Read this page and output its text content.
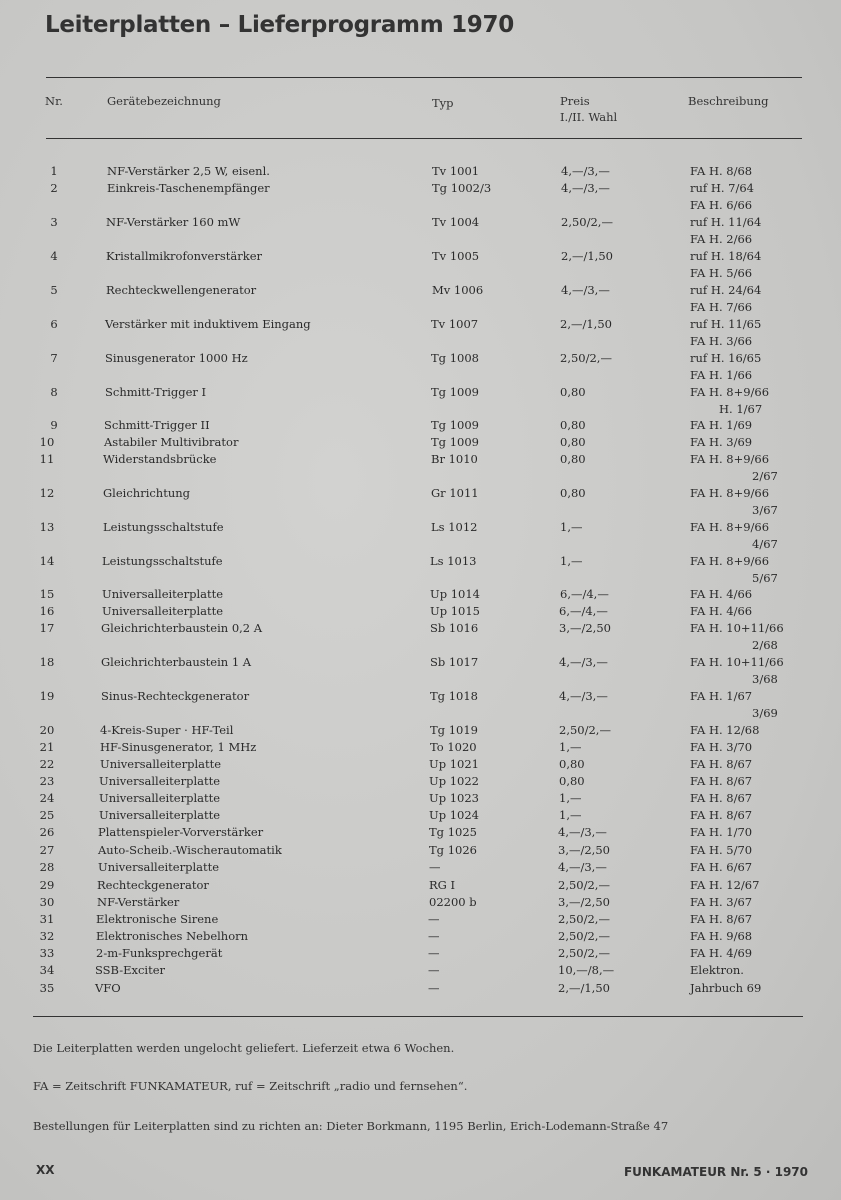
Leiterplatten – Lieferprogramm 1970
Nr.	Gerätebezeichnung	Typ	Preis
I./II. Wahl
Beschreibung
1	NF-Verstärker 2,5 W, eisenl.	Tv 1001	4,—/3,—	FA H. 8/68
2	Einkreis-Taschenempfänger	Tg 1002/3	4,—/3,—	ruf H. 7/64
FA H. 6/66
3	NF-Verstärker 160 mW	Tv 1004	2,50/2,—	ruf H. 11/64
FA H. 2/66
4	Kristallmikrofonverstärker	Tv 1005	2,—/1,50	ruf H. 18/64
FA H. 5/66
5	Rechteckwellengenerator	Mv 1006	4,—/3,—	ruf H. 24/64
FA H. 7/66
6	Verstärker mit induktivem Eingang	Tv 1007	2,—/1,50	ruf H. 11/65
FA H. 3/66
7	Sinusgenerator 1000 Hz	Tg 1008	2,50/2,—	ruf H. 16/65
FA H. 1/66
8	Schmitt-Trigger I	Tg 1009	0,80	FA H. 8+9/66
H. 1/67
9	Schmitt-Trigger II	Tg 1009	0,80	FA H. 1/69
10	Astabiler Multivibrator	Tg 1009	0,80	FA H. 3/69
11	Widerstandsbrücke	Br 1010	0,80	FA H. 8+9/66
2/67
12	Gleichrichtung	Gr 1011	0,80	FA H. 8+9/66
3/67
13	Leistungsschaltstufe	Ls 1012	1,—	FA H. 8+9/66
4/67
14	Leistungsschaltstufe	Ls 1013	1,—	FA H. 8+9/66
5/67
15	Universalleiterplatte	Up 1014	6,—/4,—	FA H. 4/66
16	Universalleiterplatte	Up 1015	6,—/4,—	FA H. 4/66
17	Gleichrichterbaustein 0,2 A	Sb 1016	3,—/2,50	FA H. 10+11/66
2/68
18	Gleichrichterbaustein 1 A	Sb 1017	4,—/3,—	FA H. 10+11/66
3/68
19	Sinus-Rechteckgenerator	Tg 1018	4,—/3,—	FA H. 1/67
3/69
20	4-Kreis-Super · HF-Teil	Tg 1019	2,50/2,—	FA H. 12/68
21	HF-Sinusgenerator, 1 MHz	To 1020	1,—	FA H. 3/70
22	Universalleiterplatte	Up 1021	0,80	FA H. 8/67
23	Universalleiterplatte	Up 1022	0,80	FA H. 8/67
24	Universalleiterplatte	Up 1023	1,—	FA H. 8/67
25	Universalleiterplatte	Up 1024	1,—	FA H. 8/67
26	Plattenspieler-Vorverstärker	Tg 1025	4,—/3,—	FA H. 1/70
27	Auto-Scheib.-Wischerautomatik	Tg 1026	3,—/2,50	FA H. 5/70
28	Universalleiterplatte	—	4,—/3,—	FA H. 6/67
29	Rechteckgenerator	RG I	2,50/2,—	FA H. 12/67
30	NF-Verstärker	02200 b	3,—/2,50	FA H. 3/67
31	Elektronische Sirene	—	2,50/2,—	FA H. 8/67
32	Elektronisches Nebelhorn	—	2,50/2,—	FA H. 9/68
33	2-m-Funksprechgerät	—	2,50/2,—	FA H. 4/69
34	SSB-Exciter	—	10,—/8,—	Elektron.
35	VFO	—	2,—/1,50	Jahrbuch 69
Die Leiterplatten werden ungelocht geliefert. Lieferzeit etwa 6 Wochen.
FA = Zeitschrift FUNKAMATEUR, ruf = Zeitschrift „radio und fernsehen“.
Bestellungen für Leiterplatten sind zu richten an: Dieter Borkmann, 1195 Berlin, Erich-Lodemann-Straße 47
XX	FUNKAMATEUR Nr. 5 · 1970
